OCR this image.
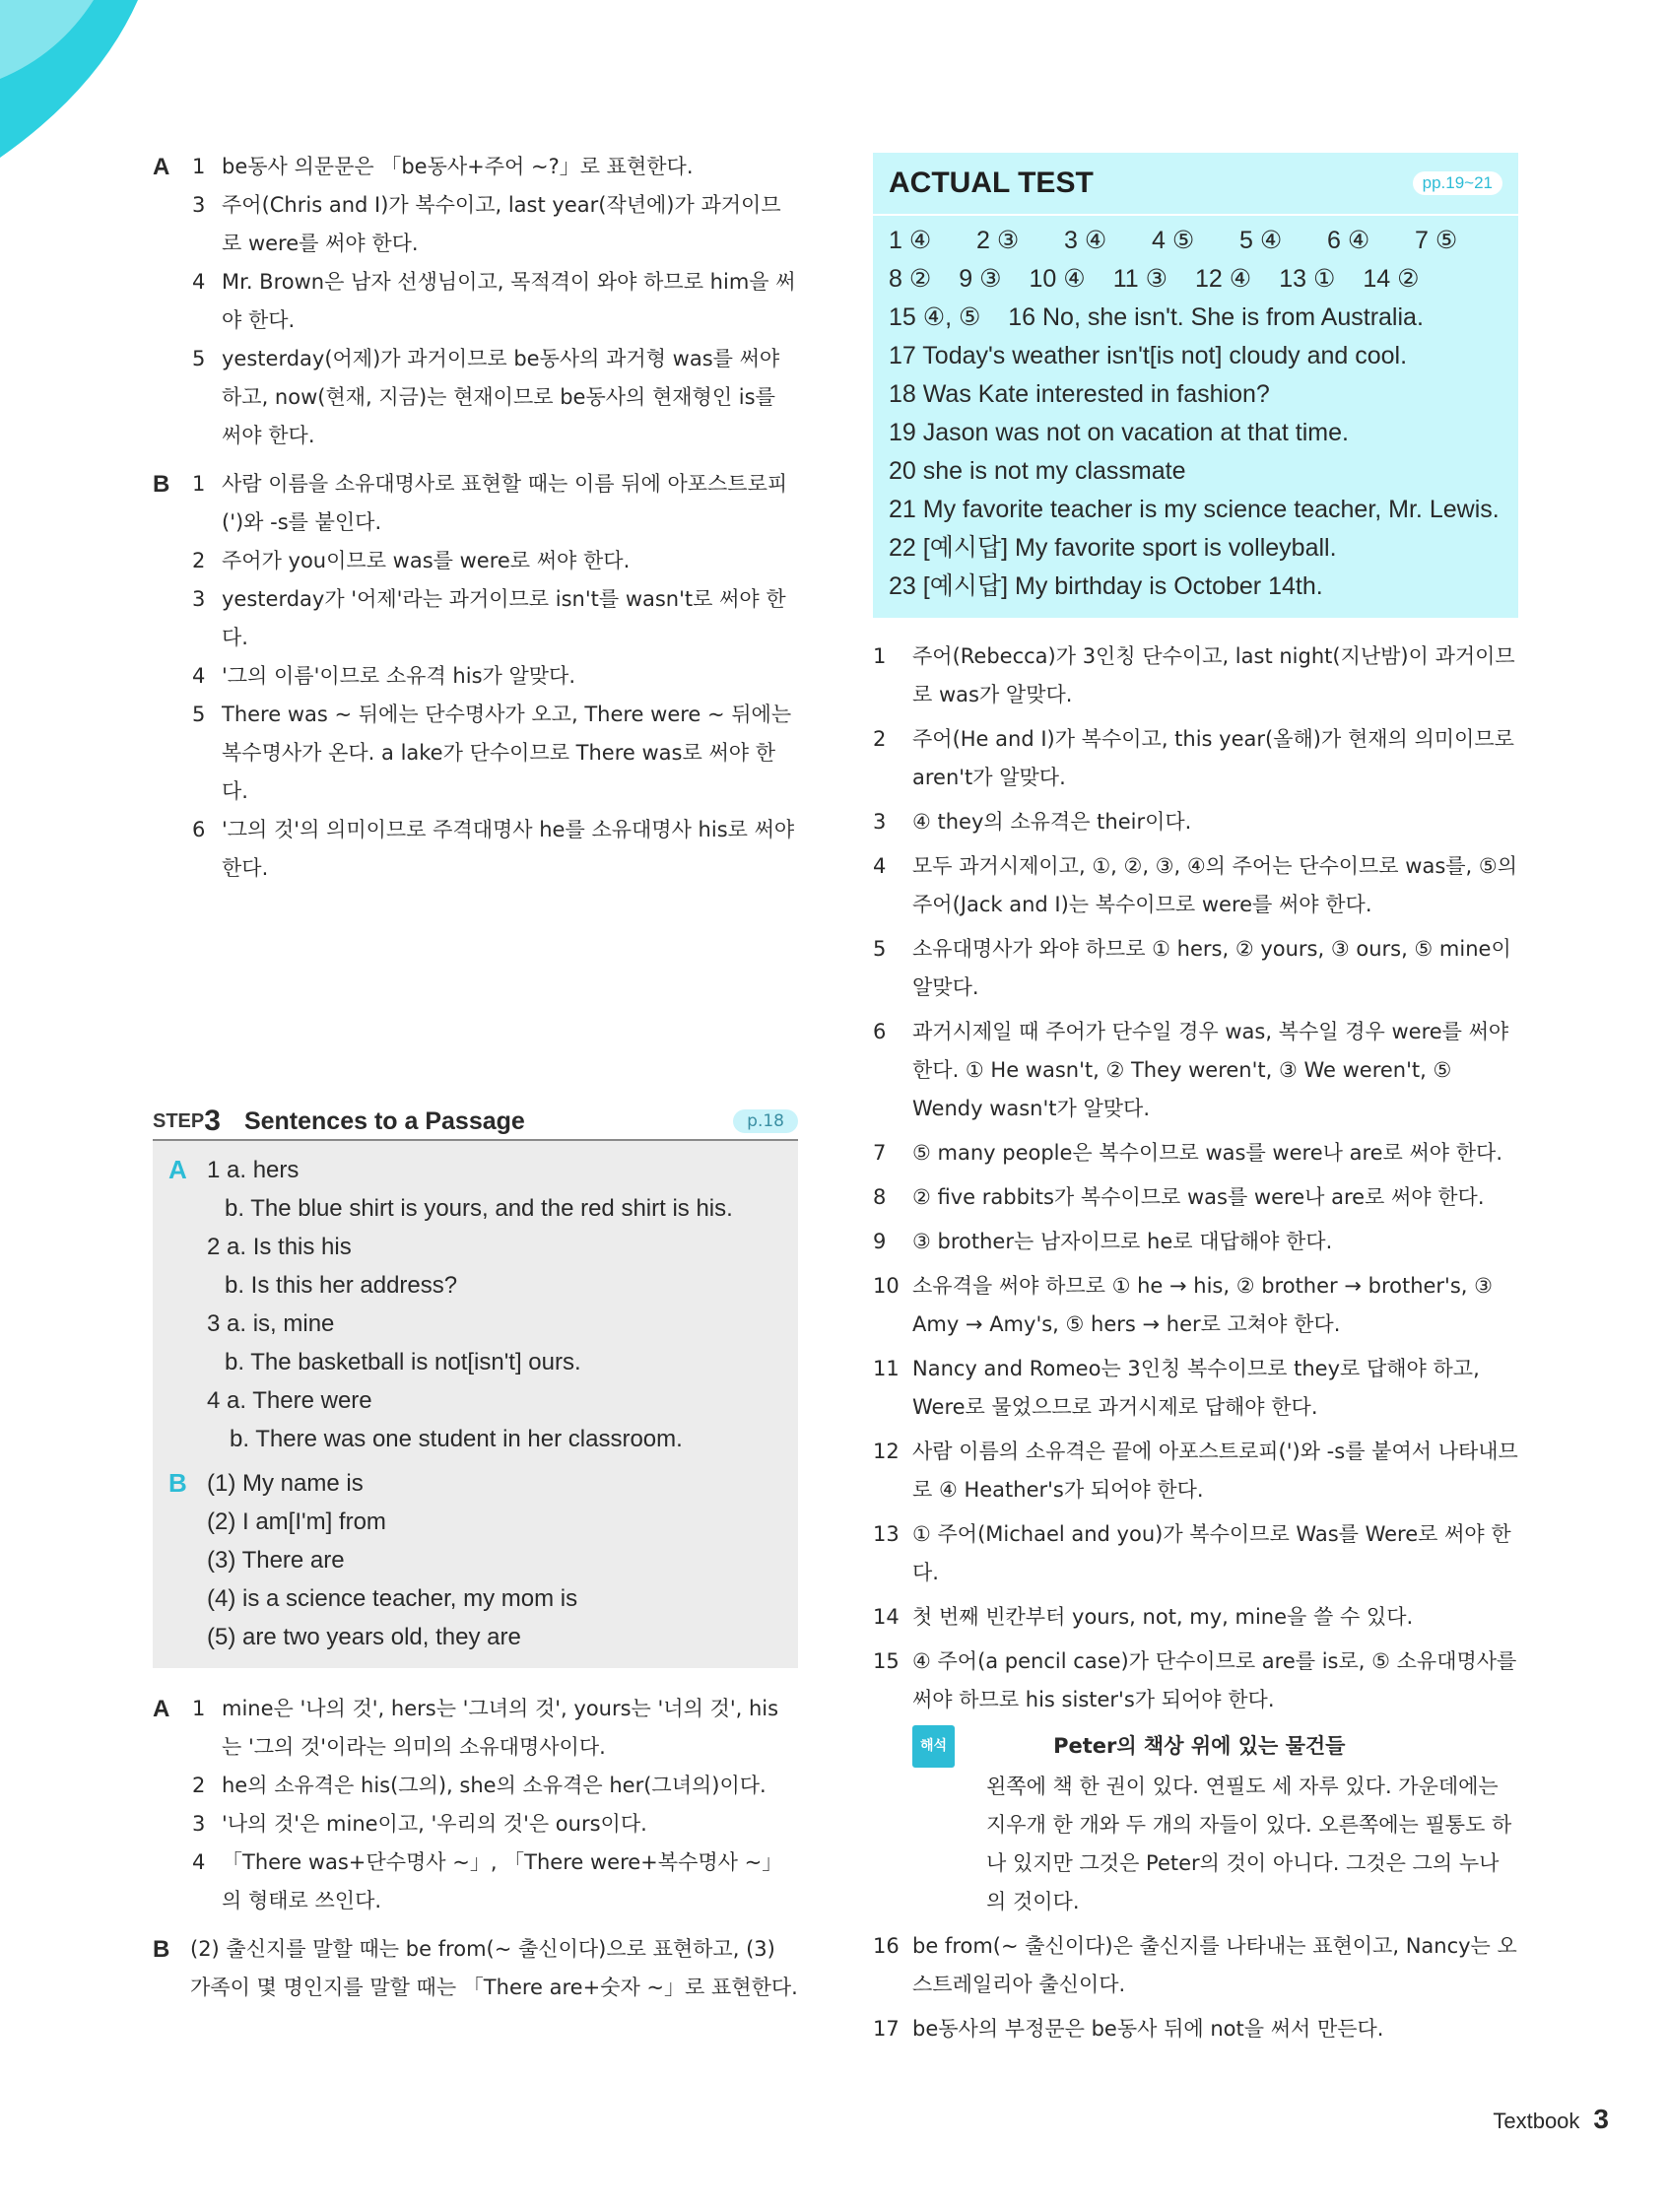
A 1 be동사 의문문은 「be동사+주어 ~?」로 표현한다.
3 주어(Chris and I)가 복수이고, last year(작년에)가 과거이므로 were를 써야 한다.
4 Mr. Brown은 남자 선생님이고, 목적격이 와야 하므로 him을 써야 한다.
5 yesterday(어제)가 과거이므로 be동사의 과거형 was를 써야 하고, now(현재, 지금)는 현재이므로 be동사의 현재형인 is를 써야 한다.
B 1 사람 이름을 소유대명사로 표현할 때는 이름 뒤에 아포스트로피(')와 -s를 붙인다.
2 주어가 you이므로 was를 were로 써야 한다.
3 yesterday가 '어제'라는 과거이므로 isn't를 wasn't로 써야 한다.
4 '그의 이름'이므로 소유격 his가 알맞다.
5 There was ~ 뒤에는 단수명사가 오고, There were ~ 뒤에는 복수명사가 온다. a lake가 단수이므로 There was로 써야 한다.
6 '그의 것'의 의미이므로 주격대명사 he를 소유대명사 his로 써야 한다.
STEP 3 Sentences to a Passage	p.18
A 1 a. hers
b. The blue shirt is yours, and the red shirt is his.
2 a. Is this his
b. Is this her address?
3 a. is, mine
b. The basketball is not[isn't] ours.
4 a. There were
b. There was one student in her classroom.
B (1) My name is
(2) I am[I'm] from
(3) There are
(4) is a science teacher, my mom is
(5) are two years old, they are
A 1 mine은 '나의 것', hers는 '그녀의 것', yours는 '너의 것', his는 '그의 것'이라는 의미의 소유대명사이다.
2 he의 소유격은 his(그의), she의 소유격은 her(그녀의)이다.
3 '나의 것'은 mine이고, '우리의 것'은 ours이다.
4 「There was+단수명사 ~」, 「There were+복수명사 ~」의 형태로 쓰인다.
B (2) 출신지를 말할 때는 be from(~ 출신이다)으로 표현하고, (3) 가족이 몇 명인지를 말할 때는 「There are+숫자 ~」로 표현한다.
ACTUAL TEST	pp.19~21
1 ④	2 ③	3 ④	4 ⑤	5 ④	6 ④	7 ⑤
8 ② 9 ③ 10 ④ 11 ③ 12 ④ 13 ① 14 ②
15 ④, ⑤    16 No, she isn't. She is from Australia.
17 Today's weather isn't[is not] cloudy and cool.
18 Was Kate interested in fashion?
19 Jason was not on vacation at that time.
20 she is not my classmate
21 My favorite teacher is my science teacher, Mr. Lewis.
22 [예시답] My favorite sport is volleyball.
23 [예시답] My birthday is October 14th.
1	주어(Rebecca)가 3인칭 단수이고, last night(지난밤)이 과거이므로 was가 알맞다.
2	주어(He and I)가 복수이고, this year(올해)가 현재의 의미이므로 aren't가 알맞다.
3	④ they의 소유격은 their이다.
4	모두 과거시제이고, ①, ②, ③, ④의 주어는 단수이므로 was를, ⑤의 주어(Jack and I)는 복수이므로 were를 써야 한다.
5	소유대명사가 와야 하므로 ① hers, ② yours, ③ ours, ⑤ mine이 알맞다.
6	과거시제일 때 주어가 단수일 경우 was, 복수일 경우 were를 써야 한다. ① He wasn't, ② They weren't, ③ We weren't, ⑤ Wendy wasn't가 알맞다.
7	⑤ many people은 복수이므로 was를 were나 are로 써야 한다.
8	② five rabbits가 복수이므로 was를 were나 are로 써야 한다.
9	③ brother는 남자이므로 he로 대답해야 한다.
10 소유격을 써야 하므로 ① he → his, ② brother → brother's, ③ Amy → Amy's, ⑤ hers → her로 고쳐야 한다.
11 Nancy and Romeo는 3인칭 복수이므로 they로 답해야 하고, Were로 물었으므로 과거시제로 답해야 한다.
12 사람 이름의 소유격은 끝에 아포스트로피(')와 -s를 붙여서 나타내므로 ④ Heather's가 되어야 한다.
13 ① 주어(Michael and you)가 복수이므로 Was를 Were로 써야 한다.
14 첫 번째 빈칸부터 yours, not, my, mine을 쓸 수 있다.
15 ④ 주어(a pencil case)가 단수이므로 are를 is로, ⑤ 소유대명사를 써야 하므로 his sister's가 되어야 한다.
해석	Peter의 책상 위에 있는 물건들
왼쪽에 책 한 권이 있다. 연필도 세 자루 있다. 가운데에는 지우개 한 개와 두 개의 자들이 있다. 오른쪽에는 필통도 하나 있지만 그것은 Peter의 것이 아니다. 그것은 그의 누나의 것이다.
16 be from(~ 출신이다)은 출신지를 나타내는 표현이고, Nancy는 오스트레일리아 출신이다.
17 be동사의 부정문은 be동사 뒤에 not을 써서 만든다.
Textbook 3
